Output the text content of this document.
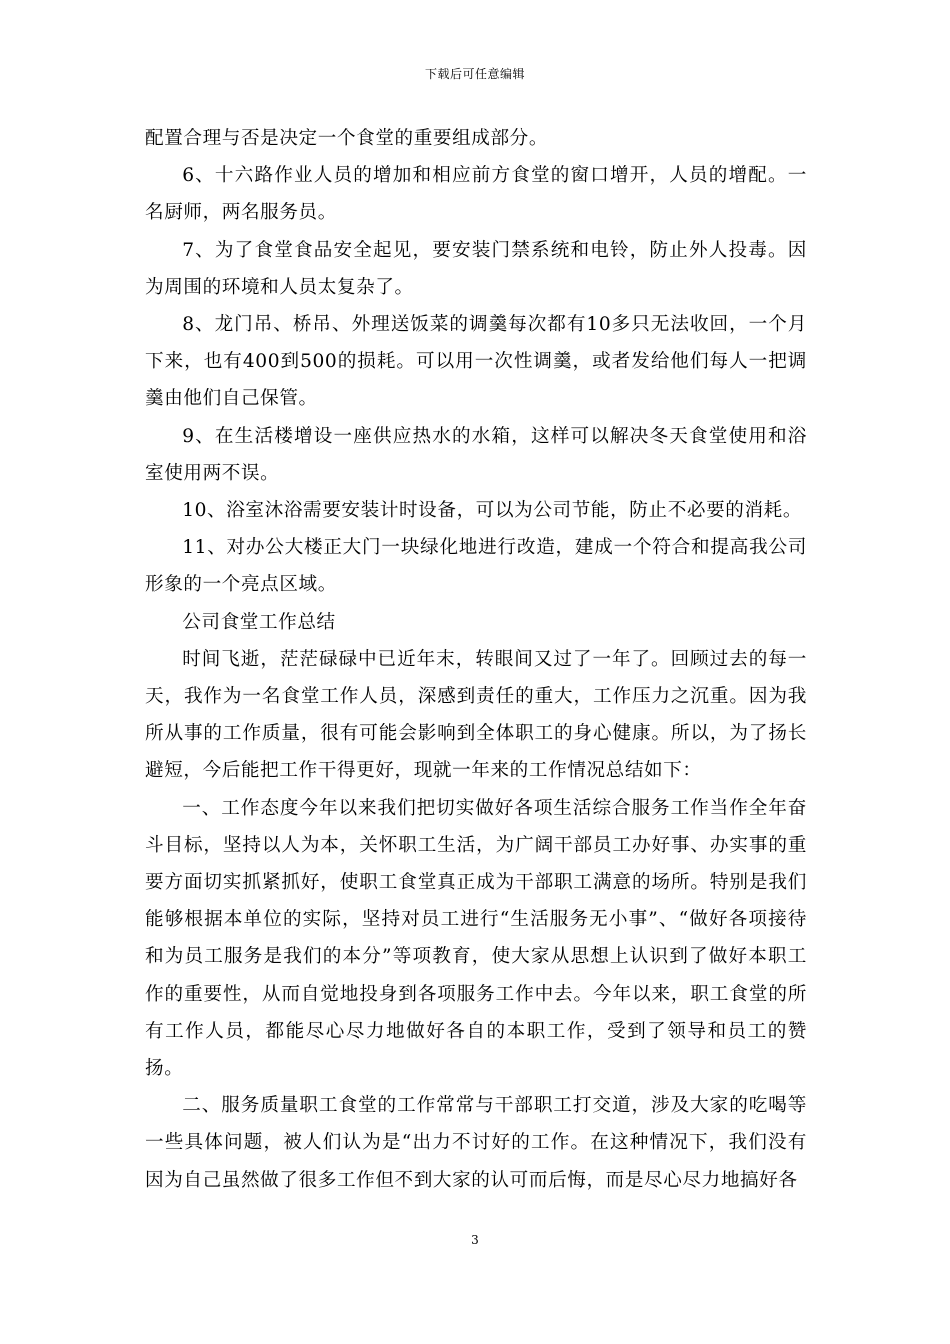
下载后可任意编辑

配置合理与否是决定一个食堂的重要组成部分。

6、十六路作业人员的增加和相应前方食堂的窗口增开，人员的增配。一名厨师，两名服务员。

7、为了食堂食品安全起见，要安装门禁系统和电铃，防止外人投毒。因为周围的环境和人员太复杂了。

8、龙门吊、桥吊、外理送饭菜的调羹每次都有10多只无法收回，一个月下来，也有400到500的损耗。可以用一次性调羹，或者发给他们每人一把调羹由他们自己保管。

9、在生活楼增设一座供应热水的水箱，这样可以解决冬天食堂使用和浴室使用两不误。

10、浴室沐浴需要安装计时设备，可以为公司节能，防止不必要的消耗。

11、对办公大楼正大门一块绿化地进行改造，建成一个符合和提高我公司形象的一个亮点区域。

公司食堂工作总结

时间飞逝，茫茫碌碌中已近年末，转眼间又过了一年了。回顾过去的每一天，我作为一名食堂工作人员，深感到责任的重大，工作压力之沉重。因为我所从事的工作质量，很有可能会影响到全体职工的身心健康。所以，为了扬长避短，今后能把工作干得更好，现就一年来的工作情况总结如下：

一、工作态度今年以来我们把切实做好各项生活综合服务工作当作全年奋斗目标，坚持以人为本，关怀职工生活，为广阔干部员工办好事、办实事的重要方面切实抓紧抓好，使职工食堂真正成为干部职工满意的场所。特别是我们能够根据本单位的实际，坚持对员工进行“生活服务无小事”、“做好各项接待和为员工服务是我们的本分”等项教育，使大家从思想上认识到了做好本职工作的重要性，从而自觉地投身到各项服务工作中去。今年以来，职工食堂的所有工作人员，都能尽心尽力地做好各自的本职工作，受到了领导和员工的赞扬。

二、服务质量职工食堂的工作常常与干部职工打交道，涉及大家的吃喝等一些具体问题，被人们认为是“出力不讨好的工作。在这种情况下，我们没有因为自己虽然做了很多工作但不到大家的认可而后悔，而是尽心尽力地搞好各

3
